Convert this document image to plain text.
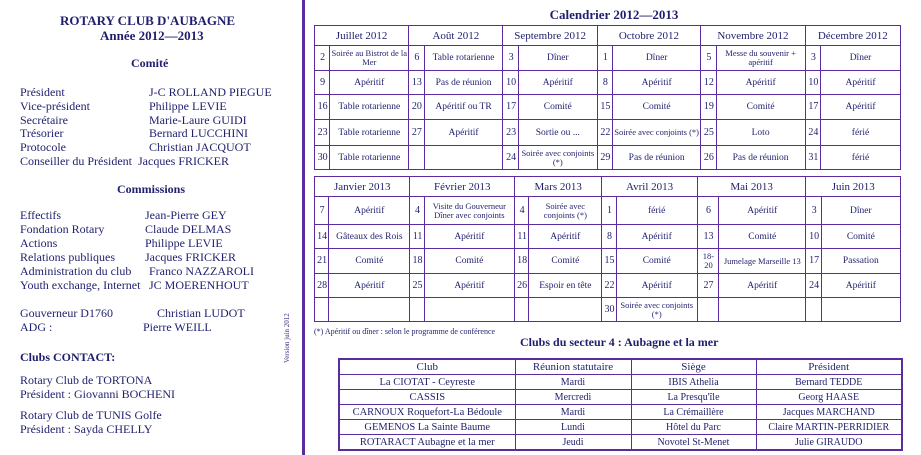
ROTARY CLUB D'AUBAGNE
Année 2012—2013
Comité
Président	J-C ROLLAND PIEGUE
Vice-président	Philippe LEVIE
Secrétaire	Marie-Laure GUIDI
Trésorier	Bernard LUCCHINI
Protocole	Christian JACQUOT
Conseiller du Président Jacques FRICKER
Commissions
Effectifs	Jean-Pierre GEY
Fondation Rotary	Claude DELMAS
Actions	Philippe LEVIE
Relations publiques	Jacques FRICKER
Administration du club Franco NAZZAROLI
Youth exchange, Internet JC MOERENHOUT
Gouverneur D1760	Christian LUDOT
ADG :	Pierre WEILL
Clubs CONTACT:
Rotary Club de TORTONA
Président : Giovanni BOCHENI
Rotary Club de TUNIS Golfe
Président : Sayda CHELLY
Version juin 2012
Calendrier 2012—2013
Juillet 2012		Août 2012		Septembre 2012		Octobre 2012		Novembre 2012		Décembre 2012	
2	Soirée au Bistrot de la Mer	6	Table rotarienne	3	Dîner	1	Dîner	5	Messe du souvenir + apéritif	3	Dîner
9	Apéritif	13	Pas de réunion	10	Apéritif	8	Apéritif	12	Apéritif	10	Apéritif
16	Table rotarienne	20	Apéritif ou TR	17	Comité	15	Comité	19	Comité	17	Apéritif
23	Table rotarienne	27	Apéritif	23	Sortie ou ...	22	Soirée avec conjoints (*)	25	Loto	24	férié
30	Table rotarienne			24	Soirée avec conjoints (*)	29	Pas de réunion	26	Pas de réunion	31	férié
Janvier 2013		Février 2013		Mars 2013		Avril 2013		Mai 2013		Juin 2013	
7	Apéritif	4	Visite du Gouverneur Dîner avec conjoints	4	Soirée avec conjoints (*)	1	férié	6	Apéritif	3	Dîner
14	Gâteaux des Rois	11	Apéritif	11	Apéritif	8	Apéritif	13	Comité	10	Comité
21	Comité	18	Comité	18	Comité	15	Comité	18-20	Jumelage Marseille 13	17	Passation
28	Apéritif	25	Apéritif	26	Espoir en tête	22	Apéritif	27	Apéritif	24	Apéritif
						30	Soirée avec conjoints (*)				
(*) Apéritif ou dîner : selon le programme de conférence
Clubs du secteur 4 : Aubagne et la mer
Club	Réunion statutaire	Siège	Président
La CIOTAT - Ceyreste	Mardi	IBIS Athelia	Bernard TEDDE
CASSIS	Mercredi	La Presqu'île	Georg HAASE
CARNOUX Roquefort-La Bédoule	Mardi	La Crémaillère	Jacques MARCHAND
GEMENOS La Sainte Baume	Lundi	Hôtel du Parc	Claire MARTIN-PERRIDIER
ROTARACT Aubagne et la mer	Jeudi	Novotel St-Menet	Julie GIRAUDO
